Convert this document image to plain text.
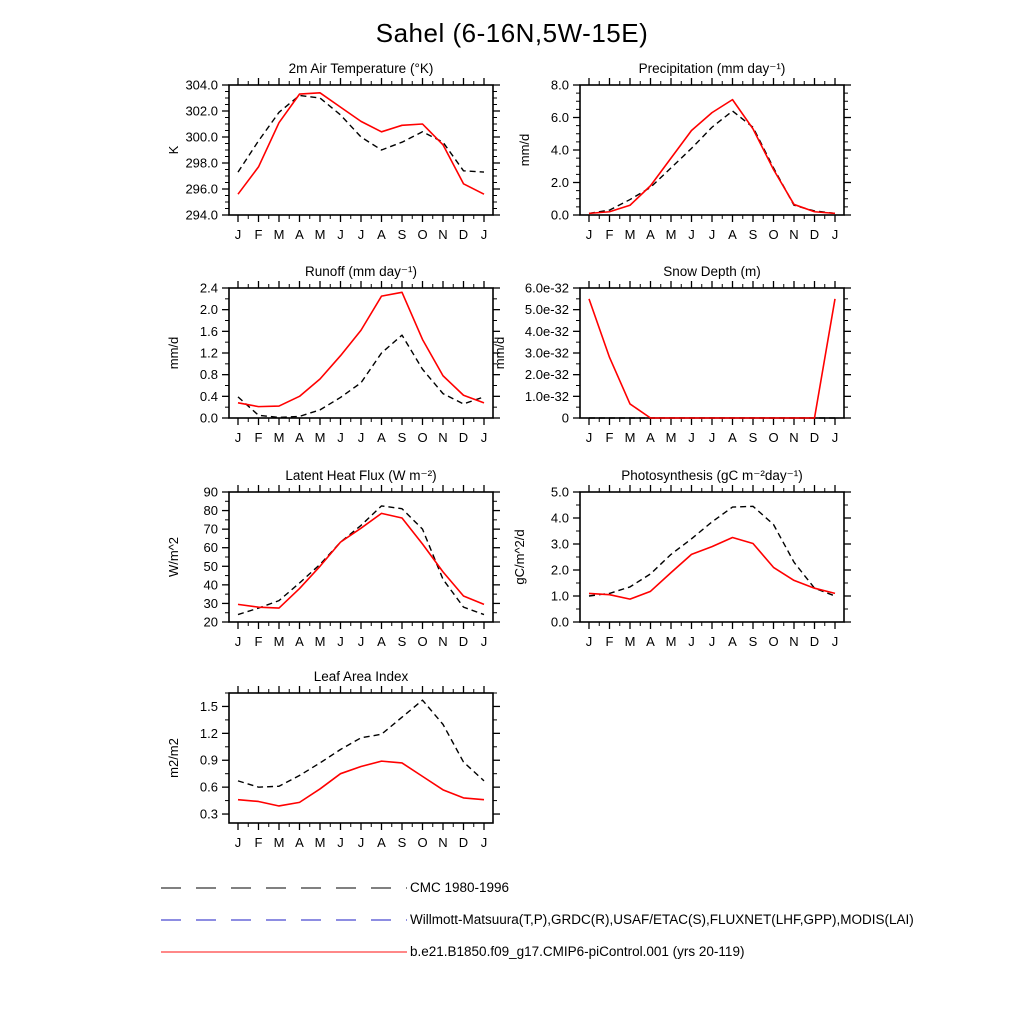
Sahel (6-16N,5W-15E)
2m Air Temperature (°K)
K
294.0
296.0
298.0
300.0
302.0
304.0
J F M A M J J A S O N D J
Precipitation (mm day⁻¹)
mm/d
0.0
2.0
4.0
6.0
8.0
J F M A M J J A S O N D J
Runoff (mm day⁻¹)
mm/d
0.0
0.4
0.8
1.2
1.6
2.0
2.4
J F M A M J J A S O N D J
Snow Depth (m)
mm/d
0
1.0e-32
2.0e-32
3.0e-32
4.0e-32
5.0e-32
6.0e-32
J F M A M J J A S O N D J
Latent Heat Flux (W m⁻²)
W/m^2
20
30
40
50
60
70
80
90
J F M A M J J A S O N D J
Photosynthesis (gC m⁻²day⁻¹)
gC/m^2/d
0.0
1.0
2.0
3.0
4.0
5.0
J F M A M J J A S O N D J
Leaf Area Index
m2/m2
0.3
0.6
0.9
1.2
1.5
J F M A M J J A S O N D J
CMC 1980-1996
Willmott-Matsuura(T,P),GRDC(R),USAF/ETAC(S),FLUXNET(LHF,GPP),MODIS(LAI)
b.e21.B1850.f09_g17.CMIP6-piControl.001 (yrs 20-119)
